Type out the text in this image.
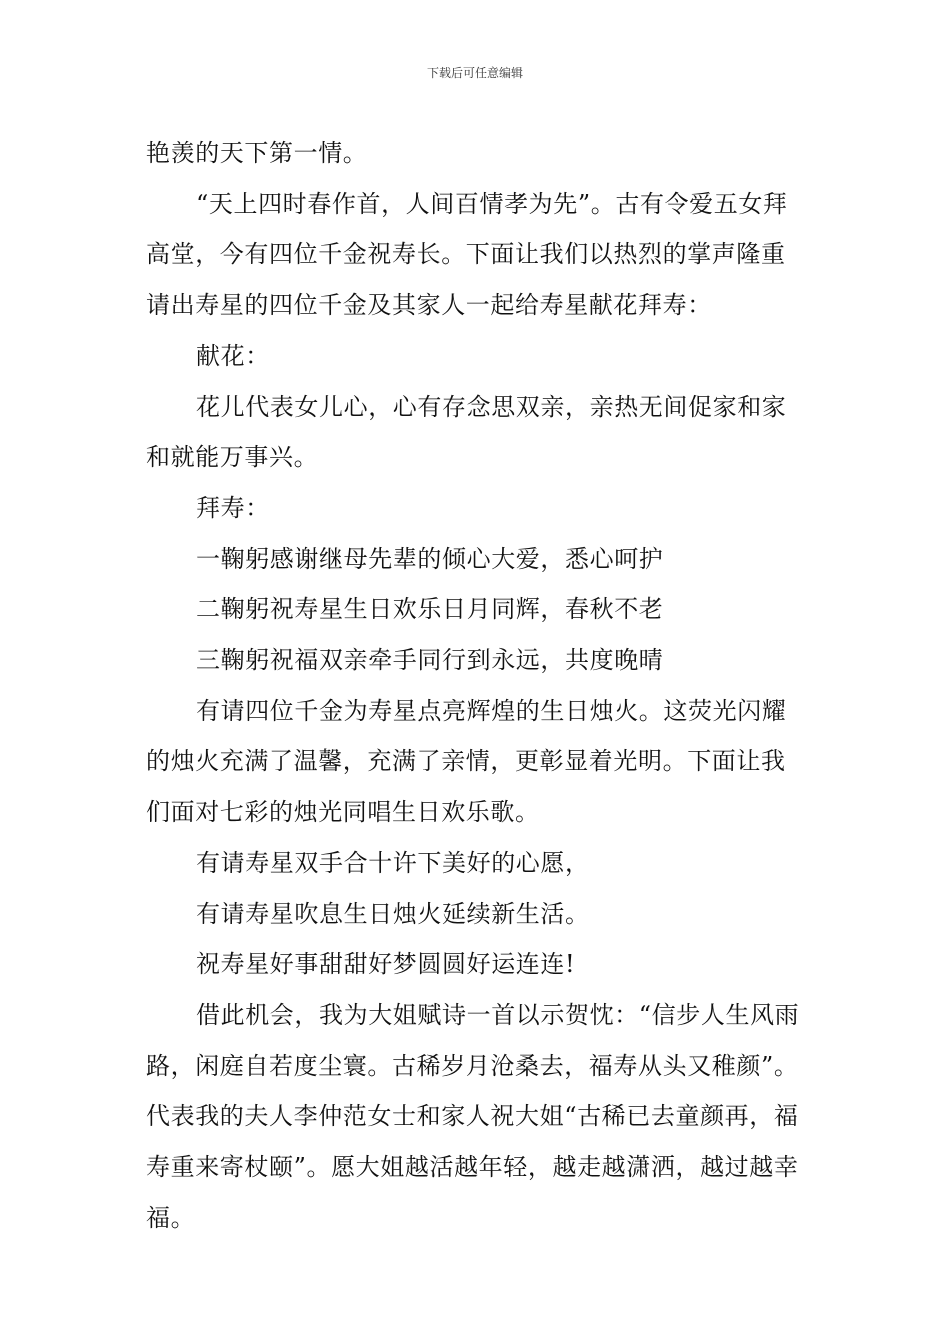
下载后可任意编辑

艳羡的天下第一情。

“天上四时春作首，人间百情孝为先”。古有令爱五女拜高堂，今有四位千金祝寿长。下面让我们以热烈的掌声隆重请出寿星的四位千金及其家人一起给寿星献花拜寿：

献花：

花儿代表女儿心，心有存念思双亲，亲热无间促家和家和就能万事兴。

拜寿：

一鞠躬感谢继母先辈的倾心大爱，悉心呵护

二鞠躬祝寿星生日欢乐日月同辉，春秋不老

三鞠躬祝福双亲牵手同行到永远，共度晚晴

有请四位千金为寿星点亮辉煌的生日烛火。这荧光闪耀的烛火充满了温馨，充满了亲情，更彰显着光明。下面让我们面对七彩的烛光同唱生日欢乐歌。

有请寿星双手合十许下美好的心愿，

有请寿星吹息生日烛火延续新生活。

祝寿星好事甜甜好梦圆圆好运连连!

借此机会，我为大姐赋诗一首以示贺忱：“信步人生风雨路，闲庭自若度尘寰。古稀岁月沧桑去，福寿从头又稚颜”。代表我的夫人李仲范女士和家人祝大姐“古稀已去童颜再，福寿重来寄杖颐”。愿大姐越活越年轻，越走越潇洒，越过越幸福。
